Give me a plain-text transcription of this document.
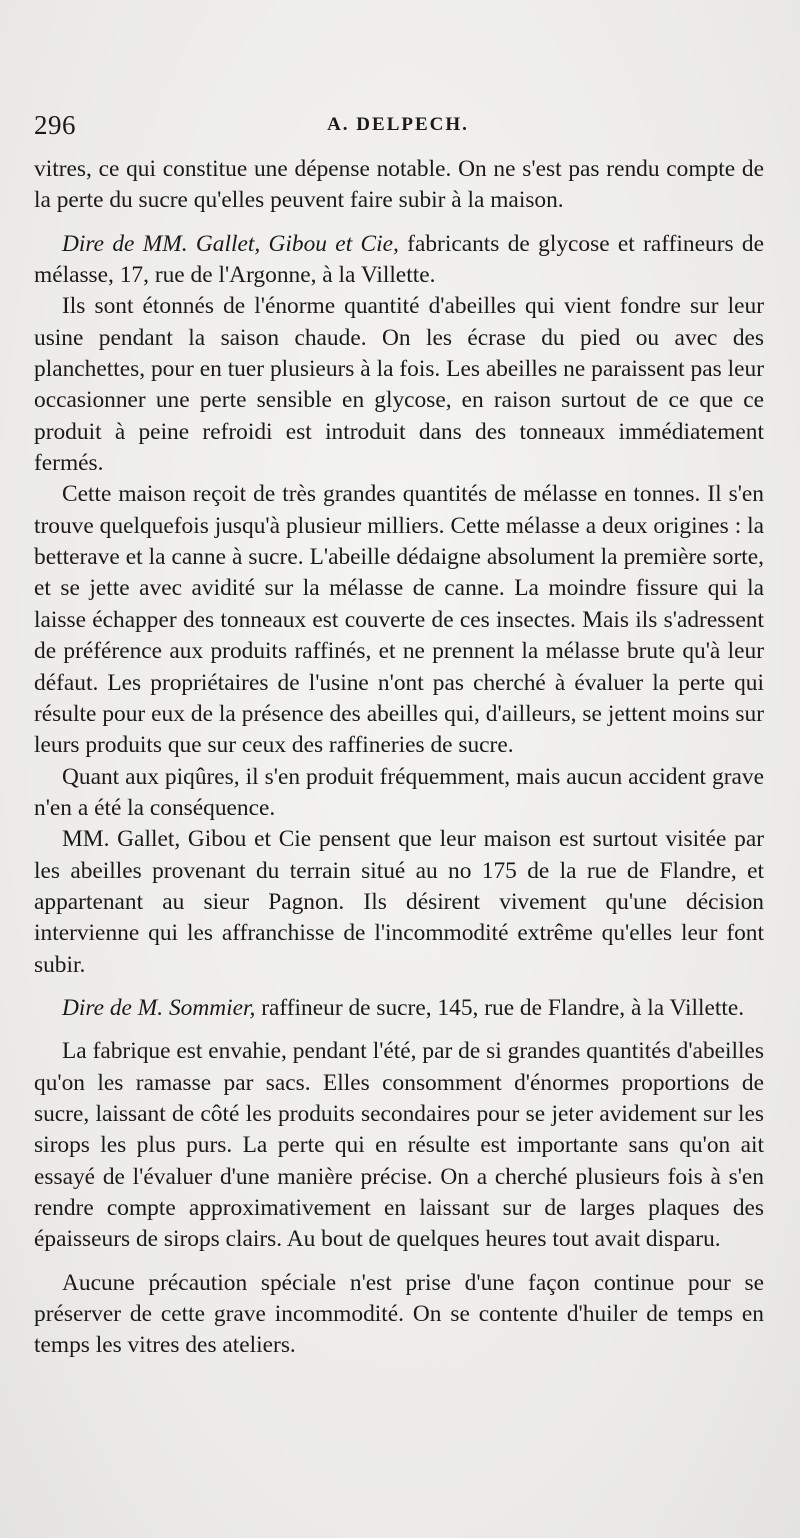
296	A. DELPECH.

vitres, ce qui constitue une dépense notable. On ne s'est pas rendu compte de la perte du sucre qu'elles peuvent faire subir à la maison.

Dire de MM. Gallet, Gibou et Cie, fabricants de glycose et raffineurs de mélasse, 17, rue de l'Argonne, à la Villette.

Ils sont étonnés de l'énorme quantité d'abeilles qui vient fondre sur leur usine pendant la saison chaude. On les écrase du pied ou avec des planchettes, pour en tuer plusieurs à la fois. Les abeilles ne paraissent pas leur occasionner une perte sensible en glycose, en raison surtout de ce que ce produit à peine refroidi est introduit dans des tonneaux immédiatement fermés.

Cette maison reçoit de très grandes quantités de mélasse en tonnes. Il s'en trouve quelquefois jusqu'à plusieur milliers. Cette mélasse a deux origines : la betterave et la canne à sucre. L'abeille dédaigne absolument la première sorte, et se jette avec avidité sur la mélasse de canne. La moindre fissure qui la laisse échapper des tonneaux est couverte de ces insectes. Mais ils s'adressent de préférence aux produits raffinés, et ne prennent la mélasse brute qu'à leur défaut. Les propriétaires de l'usine n'ont pas cherché à évaluer la perte qui résulte pour eux de la présence des abeilles qui, d'ailleurs, se jettent moins sur leurs produits que sur ceux des raffineries de sucre.

Quant aux piqûres, il s'en produit fréquemment, mais aucun accident grave n'en a été la conséquence.

MM. Gallet, Gibou et Cie pensent que leur maison est surtout visitée par les abeilles provenant du terrain situé au no 175 de la rue de Flandre, et appartenant au sieur Pagnon. Ils désirent vivement qu'une décision intervienne qui les affranchisse de l'incommodité extrême qu'elles leur font subir.

Dire de M. Sommier, raffineur de sucre, 145, rue de Flandre, à la Villette.

La fabrique est envahie, pendant l'été, par de si grandes quantités d'abeilles qu'on les ramasse par sacs. Elles consomment d'énormes proportions de sucre, laissant de côté les produits secondaires pour se jeter avidement sur les sirops les plus purs. La perte qui en résulte est importante sans qu'on ait essayé de l'évaluer d'une manière précise. On a cherché plusieurs fois à s'en rendre compte approximativement en laissant sur de larges plaques des épaisseurs de sirops clairs. Au bout de quelques heures tout avait disparu.

Aucune précaution spéciale n'est prise d'une façon continue pour se préserver de cette grave incommodité. On se contente d'huiler de temps en temps les vitres des ateliers.
